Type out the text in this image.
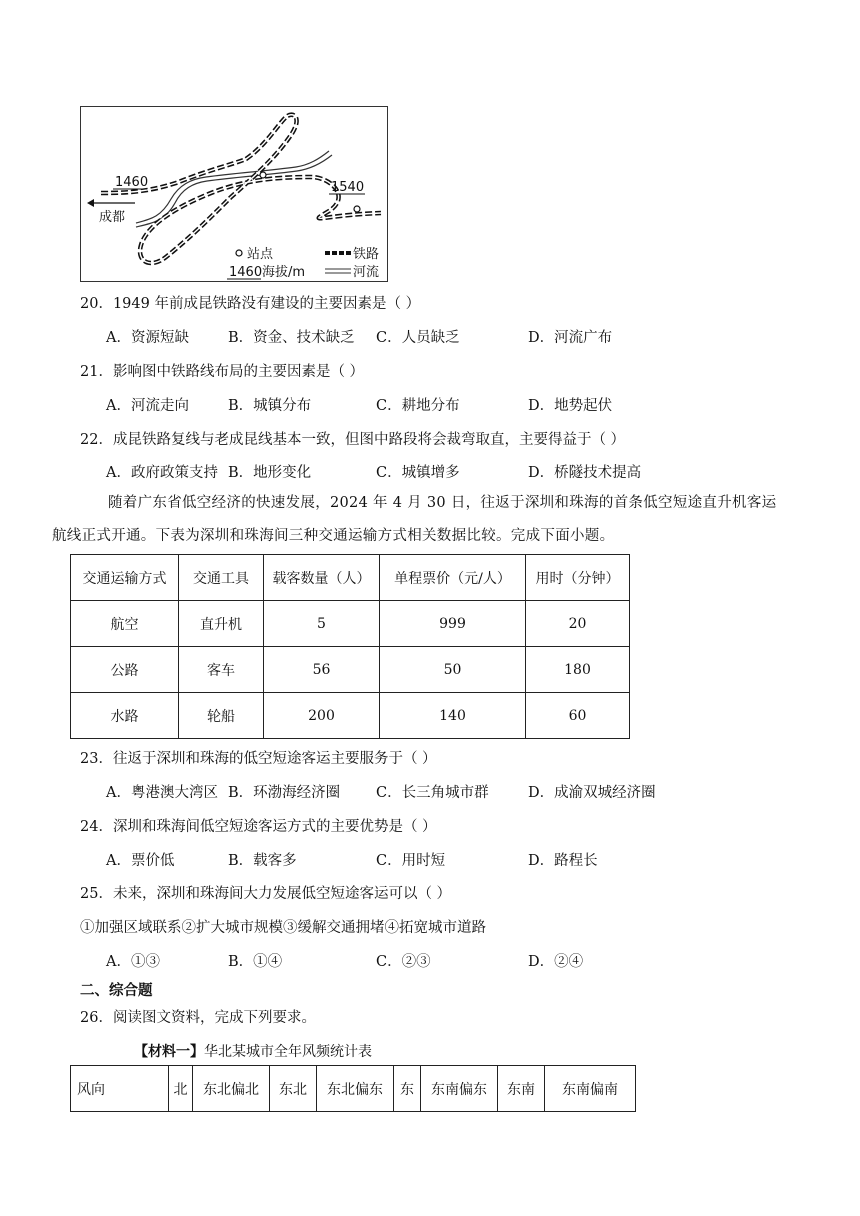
1460	1540
成都
站点	铁路
1460 海拔/m	河流
20．1949 年前成昆铁路没有建设的主要因素是（ ）
A．资源短缺	B．资金、技术缺乏 C．人员缺乏	D．河流广布
21．影响图中铁路线布局的主要因素是（ ）
A．河流走向	B．城镇分布	C．耕地分布	D．地势起伏
22．成昆铁路复线与老成昆线基本一致，但图中路段将会裁弯取直，主要得益于（ ）
A．政府政策支持 B．地形变化	C．城镇增多	D．桥隧技术提高
随着广东省低空经济的快速发展，2024 年 4 月 30 日，往返于深圳和珠海的首条低空短途直升机客运
航线正式开通。下表为深圳和珠海间三种交通运输方式相关数据比较。完成下面小题。
交通运输方式	交通工具	载客数量（人）	单程票价（元/人）	用时（分钟）
航空	直升机	5	999	20
公路	客车	56	50	180
水路	轮船	200	140	60
23．往返于深圳和珠海的低空短途客运主要服务于（ ）
A．粤港澳大湾区 B．环渤海经济圈 C．长三角城市群	D．成渝双城经济圈
24．深圳和珠海间低空短途客运方式的主要优势是（ ）
A．票价低	B．载客多	C．用时短	D．路程长
25．未来，深圳和珠海间大力发展低空短途客运可以（ ）
①加强区域联系②扩大城市规模③缓解交通拥堵④拓宽城市道路
A．①③	B．①④	C．②③	D．②④
二、综合题
26．阅读图文资料，完成下列要求。
【材料一】华北某城市全年风频统计表
风向	北	东北偏北	东北	东北偏东	东	东南偏东	东南	东南偏南
